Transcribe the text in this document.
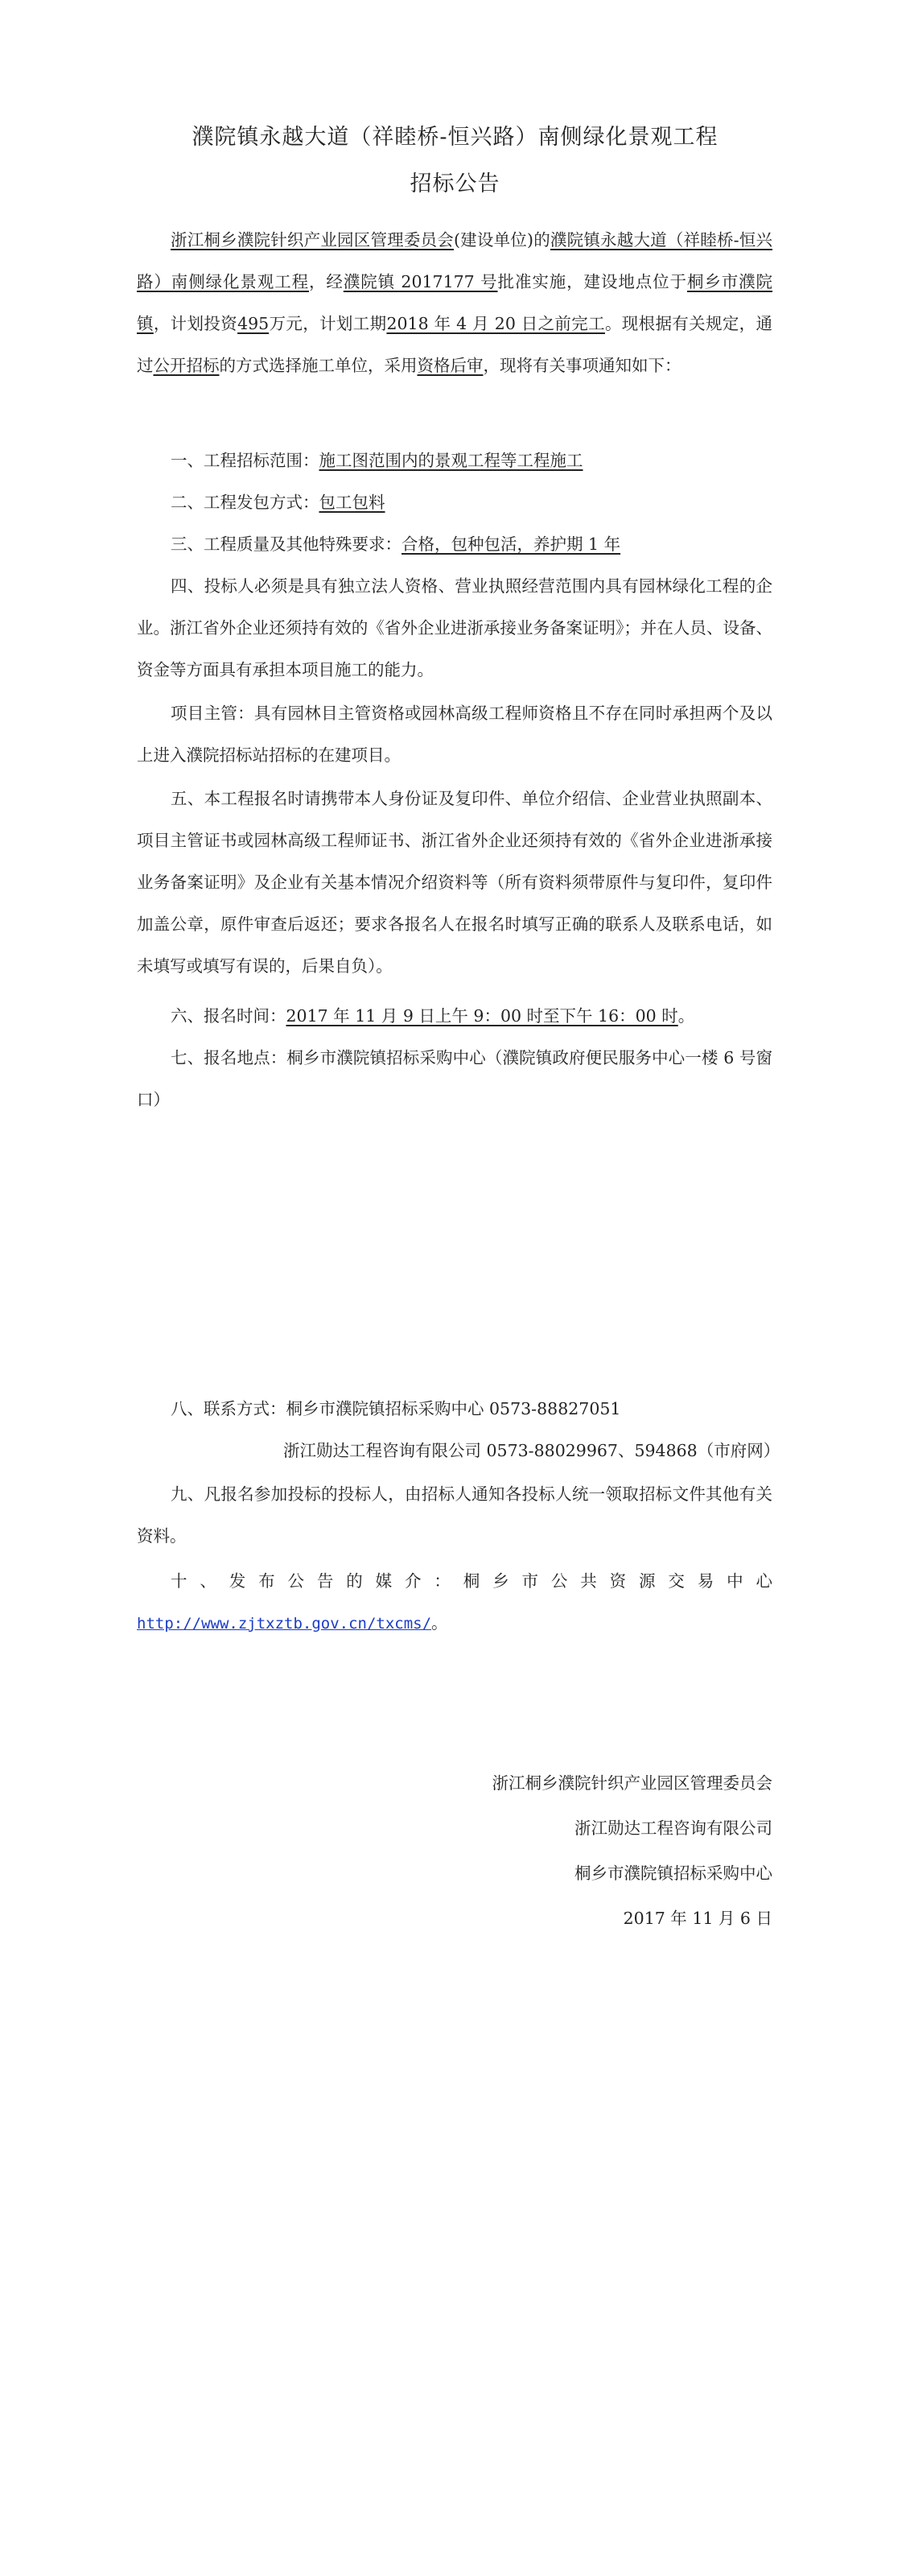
濮院镇永越大道（祥睦桥-恒兴路）南侧绿化景观工程
招标公告
浙江桐乡濮院针织产业园区管理委员会(建设单位)的濮院镇永越大道（祥睦桥-恒兴路）南侧绿化景观工程，经濮院镇 2017177 号批准实施，建设地点位于桐乡市濮院镇，计划投资495万元，计划工期2018 年 4 月 20 日之前完工。现根据有关规定，通过公开招标的方式选择施工单位，采用资格后审，现将有关事项通知如下：
一、工程招标范围：施工图范围内的景观工程等工程施工
二、工程发包方式：包工包料
三、工程质量及其他特殊要求：合格，包种包活，养护期 1 年
四、投标人必须是具有独立法人资格、营业执照经营范围内具有园林绿化工程的企业。浙江省外企业还须持有效的《省外企业进浙承接业务备案证明》；并在人员、设备、资金等方面具有承担本项目施工的能力。
项目主管：具有园林目主管资格或园林高级工程师资格且不存在同时承担两个及以上进入濮院招标站招标的在建项目。
五、本工程报名时请携带本人身份证及复印件、单位介绍信、企业营业执照副本、项目主管证书或园林高级工程师证书、浙江省外企业还须持有效的《省外企业进浙承接业务备案证明》及企业有关基本情况介绍资料等（所有资料须带原件与复印件，复印件加盖公章，原件审查后返还；要求各报名人在报名时填写正确的联系人及联系电话，如未填写或填写有误的，后果自负）。
六、报名时间：2017 年 11 月 9 日上午 9：00 时至下午 16：00 时。
七、报名地点：桐乡市濮院镇招标采购中心（濮院镇政府便民服务中心一楼 6 号窗口）
八、联系方式：桐乡市濮院镇招标采购中心 0573-88827051
浙江勋达工程咨询有限公司 0573-88029967、594868（市府网）
九、凡报名参加投标的投标人，由招标人通知各投标人统一领取招标文件其他有关资料。
十、发布公告的媒介：桐乡市公共资源交易中心
http://www.zjtxztb.gov.cn/txcms/。
浙江桐乡濮院针织产业园区管理委员会
浙江勋达工程咨询有限公司
桐乡市濮院镇招标采购中心
2017 年 11 月 6 日
